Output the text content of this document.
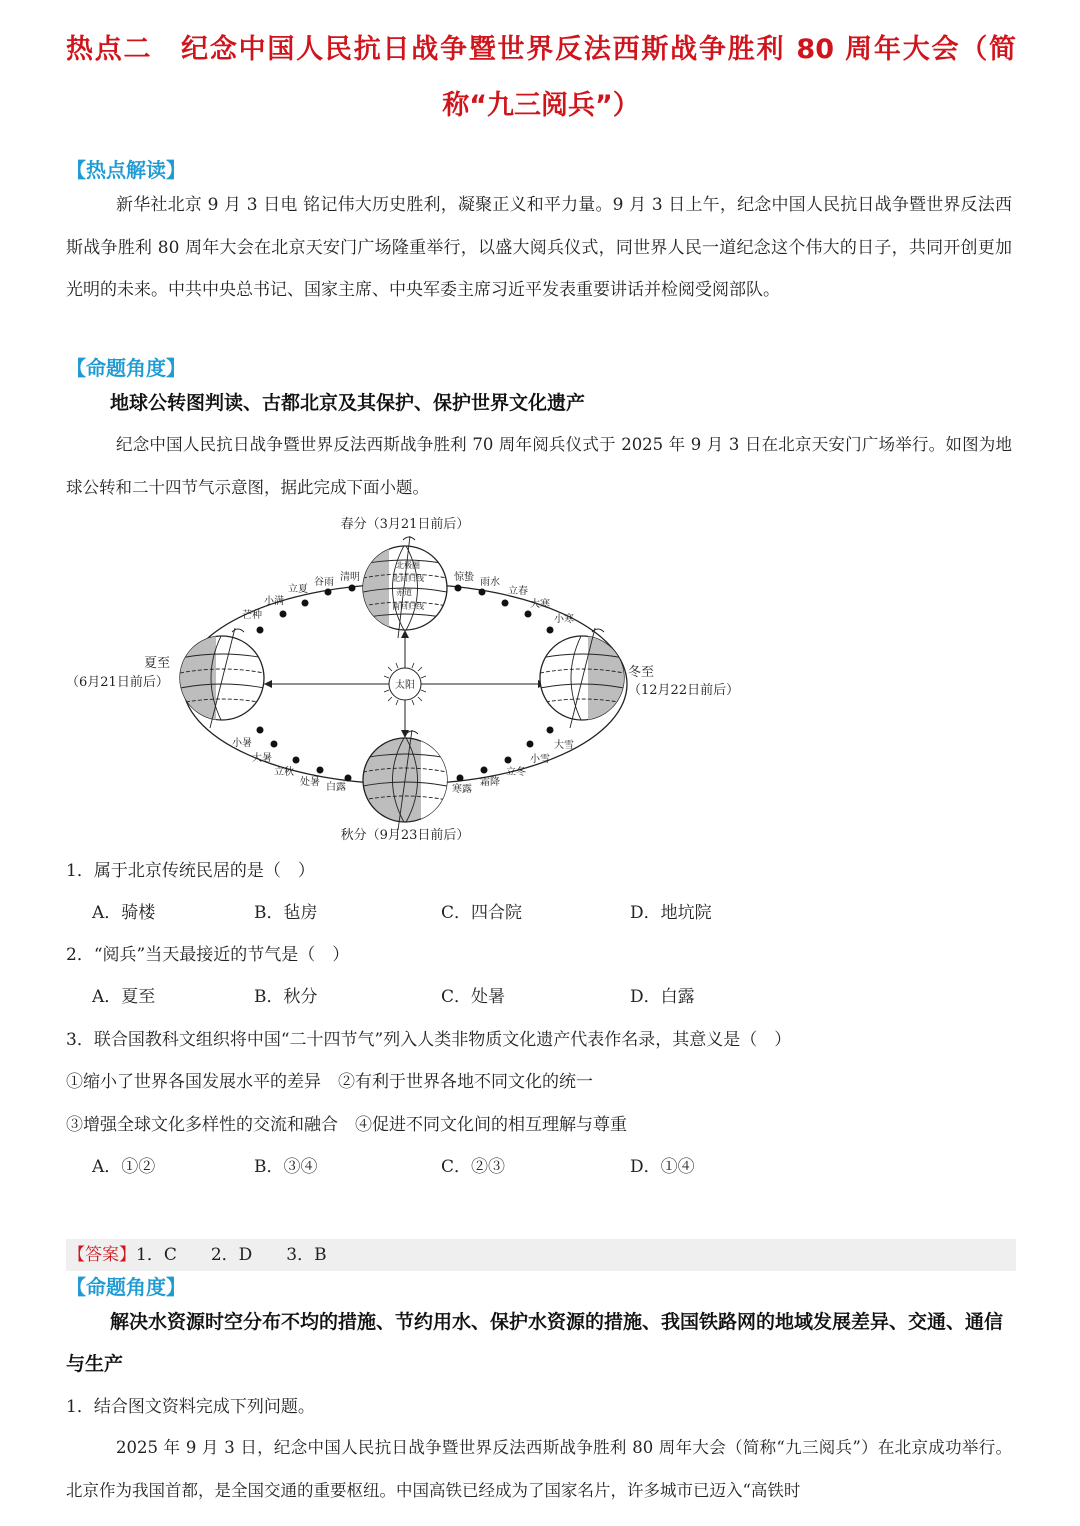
热点二　纪念中国人民抗日战争暨世界反法西斯战争胜利 80 周年大会（简
称“九三阅兵”）
【热点解读】
新华社北京 9 月 3 日电 铭记伟大历史胜利，凝聚正义和平力量。9 月 3 日上午，纪念中国人民抗日战争暨世界反法西斯战争胜利 80 周年大会在北京天安门广场隆重举行，以盛大阅兵仪式，同世界人民一道纪念这个伟大的日子，共同开创更加光明的未来。中共中央总书记、国家主席、中央军委主席习近平发表重要讲话并检阅受阅部队。
【命题角度】
地球公转图判读、古都北京及其保护、保护世界文化遗产
纪念中国人民抗日战争暨世界反法西斯战争胜利 70 周年阅兵仪式于 2025 年 9 月 3 日在北京天安门广场举行。如图为地球公转和二十四节气示意图，据此完成下面小题。
太阳
北极圈
北回归线
赤道
南回归线
春分（3月21日前后）
夏至
（6月21日前后）
冬至
（12月22日前后）
秋分（9月23日前后）
立夏
谷雨 清明
小满
芒种
惊蛰 雨水
立春
大寒
小寒
小暑
大暑
立秋
处暑 白露
大雪
小雪
立冬
霜降
寒露
1．属于北京传统民居的是（　）
A．骑楼	B．毡房	C．四合院	D．地坑院
2．“阅兵”当天最接近的节气是（　）
A．夏至	B．秋分	C．处暑	D．白露
3．联合国教科文组织将中国“二十四节气”列入人类非物质文化遗产代表作名录，其意义是（　）
①缩小了世界各国发展水平的差异　②有利于世界各地不同文化的统一
③增强全球文化多样性的交流和融合　④促进不同文化间的相互理解与尊重
A．①②	B．③④	C．②③	D．①④
【答案】1．C　　2．D　　3．B
【命题角度】
解决水资源时空分布不均的措施、节约用水、保护水资源的措施、我国铁路网的地域发展差异、交通、通信与生产
1．结合图文资料完成下列问题。
2025 年 9 月 3 日，纪念中国人民抗日战争暨世界反法西斯战争胜利 80 周年大会（简称“九三阅兵”）在北京成功举行。北京作为我国首都，是全国交通的重要枢纽。中国高铁已经成为了国家名片，许多城市已迈入“高铁时
